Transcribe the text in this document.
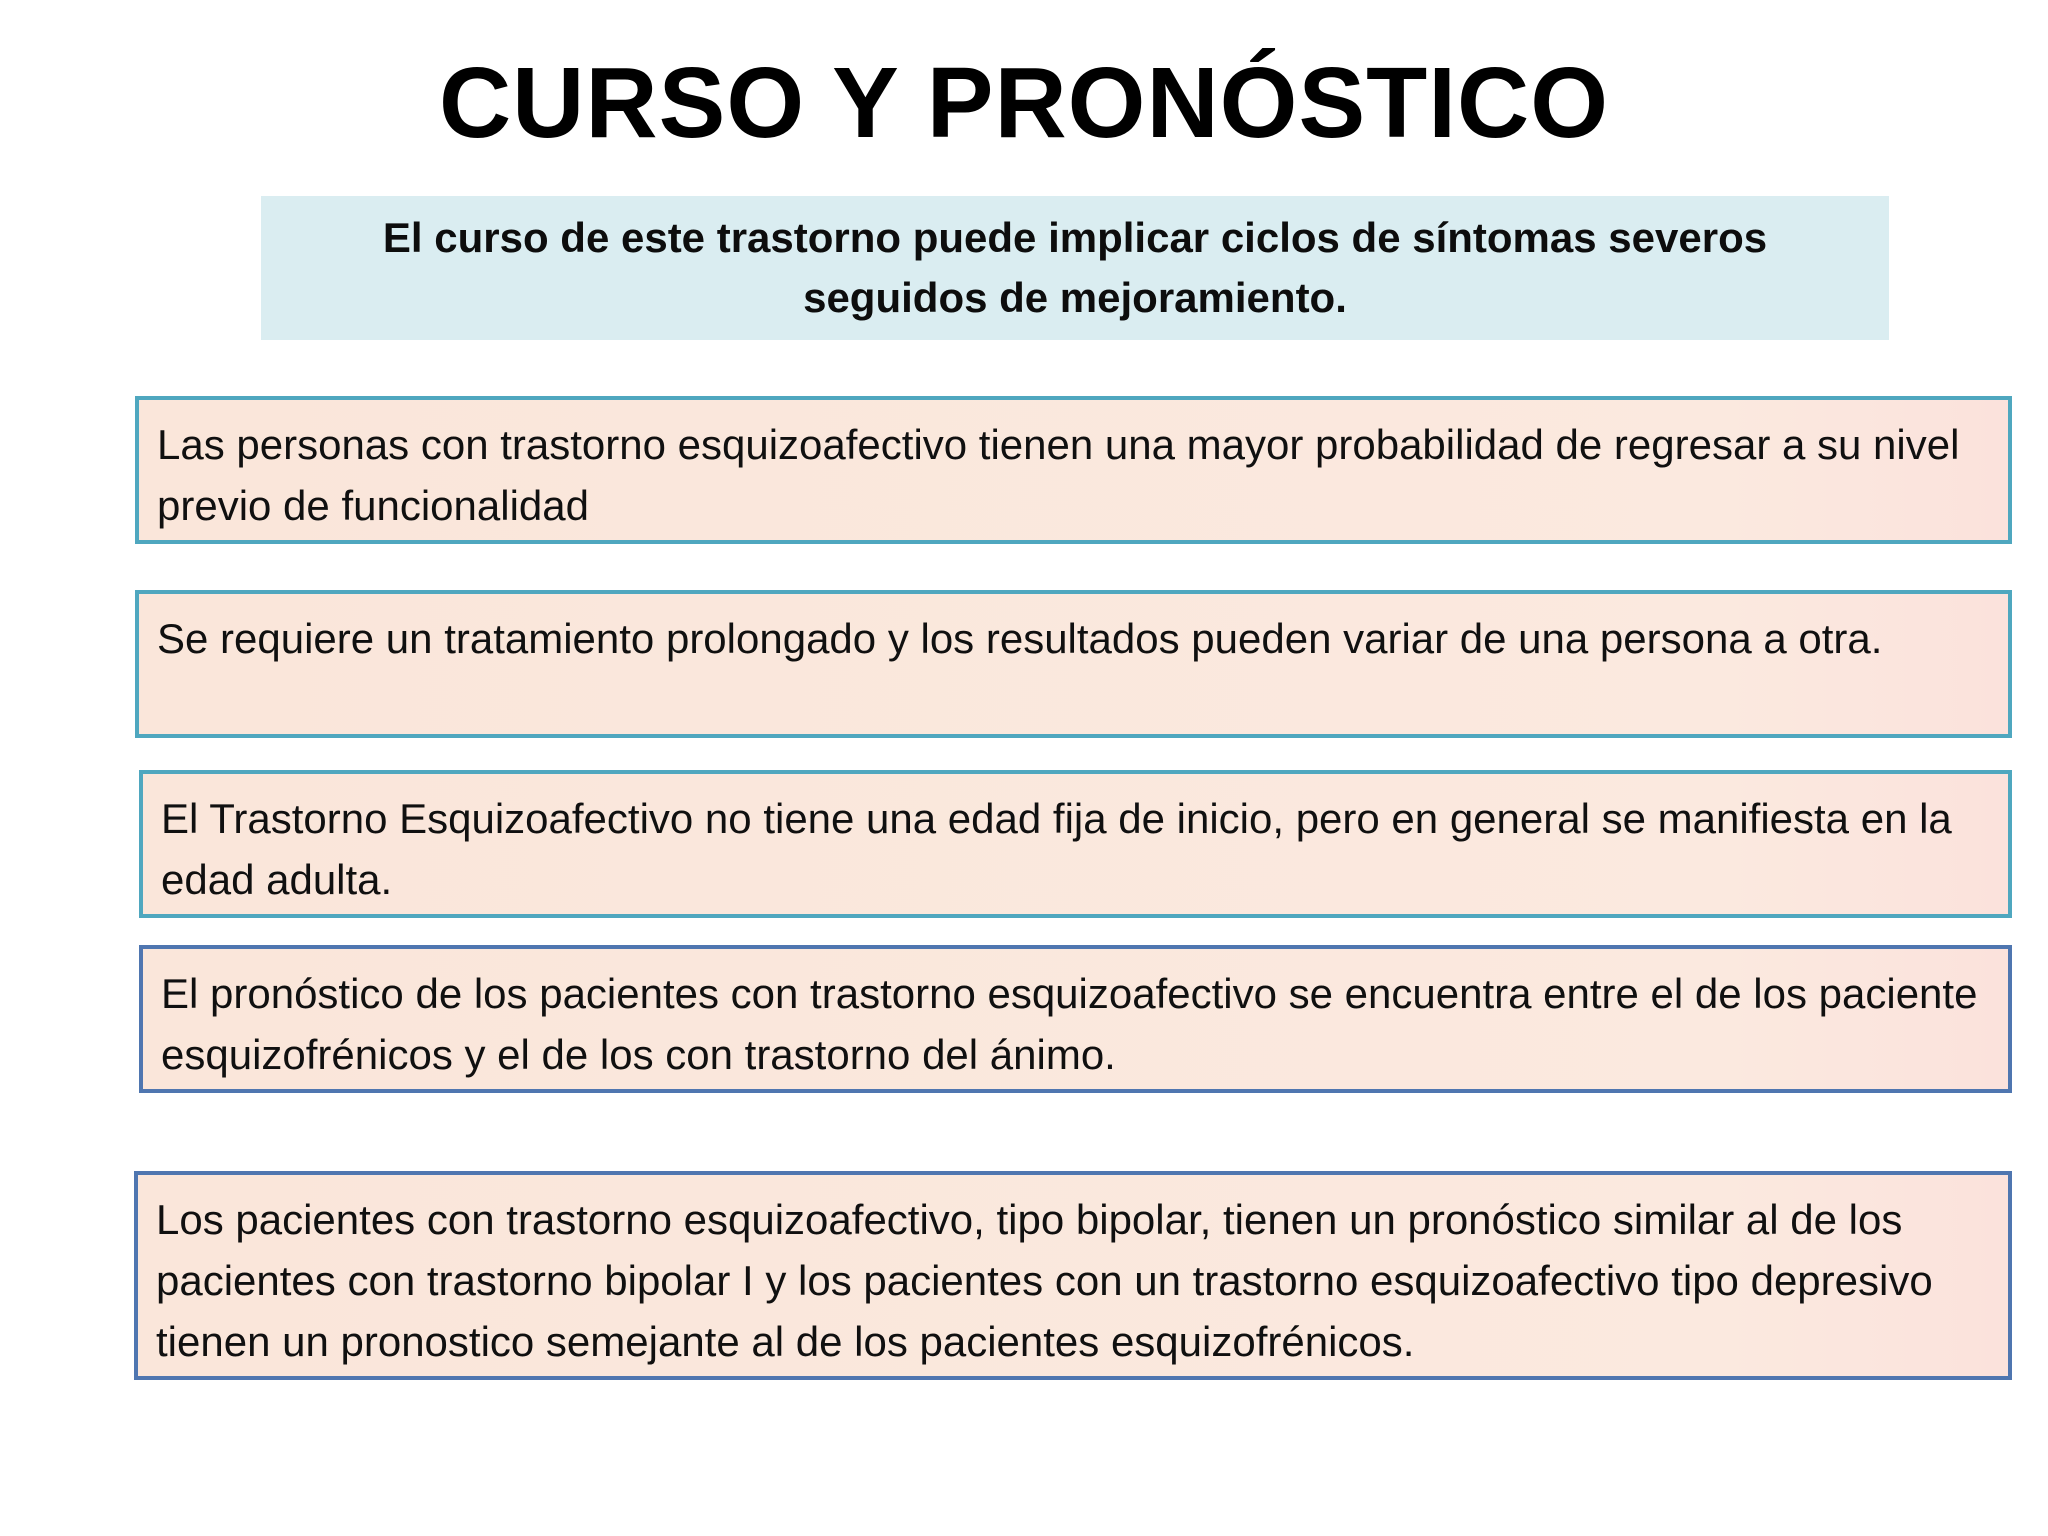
CURSO Y PRONÓSTICO
El curso de este trastorno puede implicar ciclos de síntomas severos seguidos de mejoramiento.

Las personas con trastorno esquizoafectivo tienen una mayor probabilidad de regresar a su nivel previo de funcionalidad

Se requiere un tratamiento prolongado y los resultados pueden variar de una persona a otra.

El Trastorno Esquizoafectivo no tiene una edad fija de inicio, pero en general se manifiesta en la edad adulta.

El pronóstico de los pacientes con trastorno esquizoafectivo se encuentra entre el de los paciente esquizofrénicos y el de los con trastorno del ánimo.

Los pacientes con trastorno esquizoafectivo, tipo bipolar, tienen un pronóstico similar al de los pacientes con trastorno bipolar I y los pacientes con un trastorno esquizoafectivo tipo depresivo tienen un pronostico semejante al de los pacientes esquizofrénicos.
